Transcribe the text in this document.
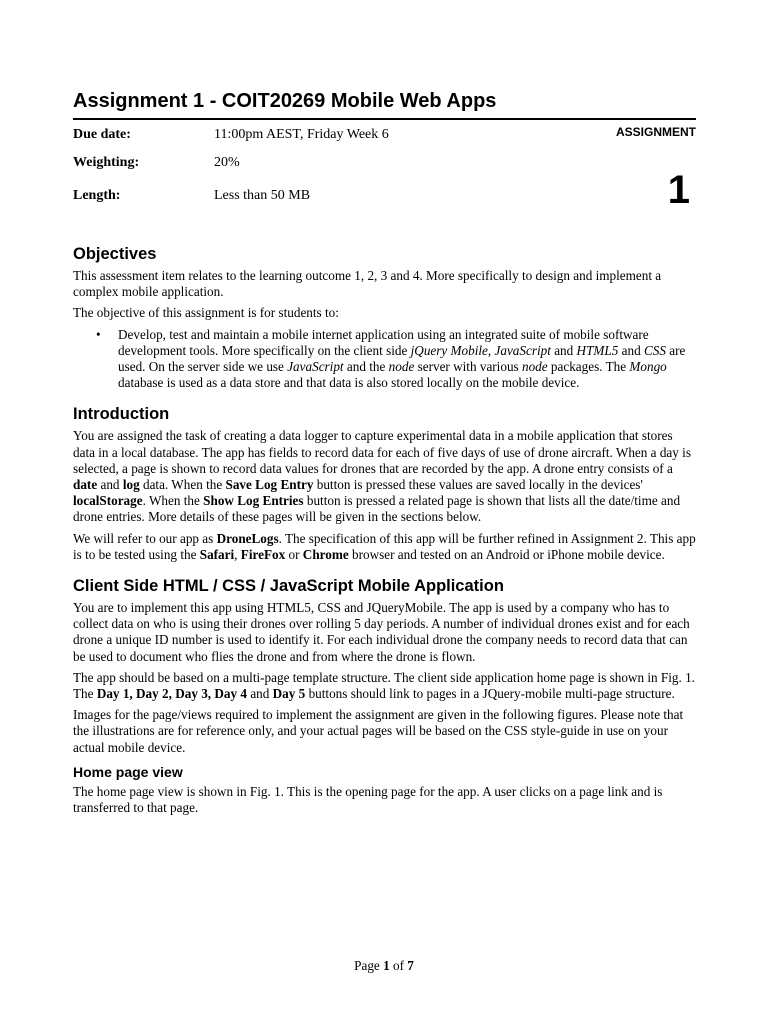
Assignment 1 - COIT20269 Mobile Web Apps
Due date:	11:00pm AEST, Friday Week 6
Weighting:	20%
Length:	Less than 50 MB
ASSIGNMENT
1
Objectives

This assessment item relates to the learning outcome 1, 2, 3 and 4. More specifically to design and implement a complex mobile application.

The objective of this assignment is for students to:

• Develop, test and maintain a mobile internet application using an integrated suite of mobile software development tools. More specifically on the client side jQuery Mobile, JavaScript and HTML5 and CSS are used. On the server side we use JavaScript and the node server with various node packages. The Mongo database is used as a data store and that data is also stored locally on the mobile device.
Introduction

You are assigned the task of creating a data logger to capture experimental data in a mobile application that stores data in a local database. The app has fields to record data for each of five days of use of drone aircraft. When a day is selected, a page is shown to record data values for drones that are recorded by the app. A drone entry consists of a date and log data. When the Save Log Entry button is pressed these values are saved locally in the devices' localStorage. When the Show Log Entries button is pressed a related page is shown that lists all the date/time and drone entries. More details of these pages will be given in the sections below.

We will refer to our app as DroneLogs. The specification of this app will be further refined in Assignment 2. This app is to be tested using the Safari, FireFox or Chrome browser and tested on an Android or iPhone mobile device.

Client Side HTML / CSS / JavaScript Mobile Application

You are to implement this app using HTML5, CSS and JQueryMobile. The app is used by a company who has to collect data on who is using their drones over rolling 5 day periods. A number of individual drones exist and for each drone a unique ID number is used to identify it. For each individual drone the company needs to record data that can be used to document who flies the drone and from where the drone is flown.

The app should be based on a multi-page template structure. The client side application home page is shown in Fig. 1. The Day 1, Day 2, Day 3, Day 4 and Day 5 buttons should link to pages in a JQuery-mobile multi-page structure.

Images for the page/views required to implement the assignment are given in the following figures. Please note that the illustrations are for reference only, and your actual pages will be based on the CSS style-guide in use on your actual mobile device.

Home page view

The home page view is shown in Fig. 1. This is the opening page for the app. A user clicks on a page link and is transferred to that page.

Page 1 of 7
